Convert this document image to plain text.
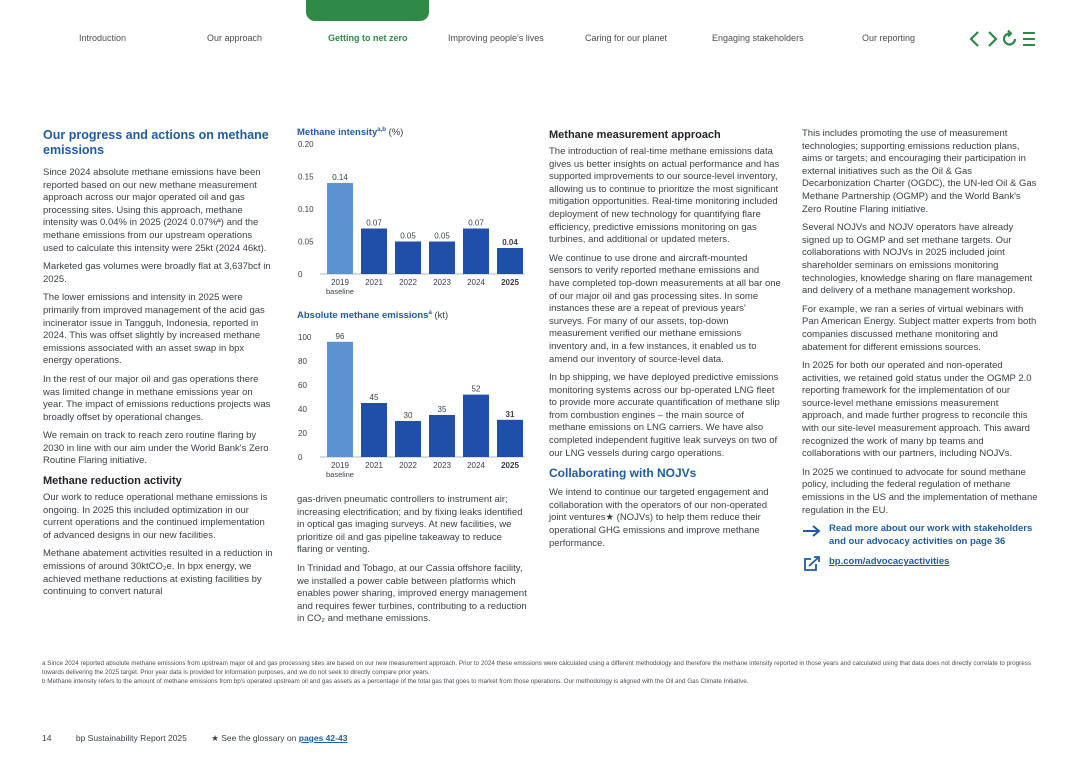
Introduction	Our approach	Getting to net zero	Improving people's lives	Caring for our planet	Engaging stakeholders	Our reporting
Our progress and actions on methane emissions

Since 2024 absolute methane emissions have been reported based on our new methane measurement approach across our major operated oil and gas processing sites. Using this approach, methane intensity was 0.04% in 2025 (2024 0.07%ª) and the methane emissions from our upstream operations used to calculate this intensity were 25kt (2024 46kt).

Marketed gas volumes were broadly flat at 3,637bcf in 2025.

The lower emissions and intensity in 2025 were primarily from improved management of the acid gas incinerator issue in Tangguh, Indonesia, reported in 2024. This was offset slightly by increased methane emissions associated with an asset swap in bpx energy operations.

In the rest of our major oil and gas operations there was limited change in methane emissions year on year. The impact of emissions reductions projects was broadly offset by operational changes.

We remain on track to reach zero routine flaring by 2030 in line with our aim under the World Bank's Zero Routine Flaring initiative.

Methane reduction activity

Our work to reduce operational methane emissions is ongoing. In 2025 this included optimization in our current operations and the continued implementation of advanced designs in our new facilities.

Methane abatement activities resulted in a reduction in emissions of around 30ktCO₂e. In bpx energy, we achieved methane reductions at existing facilities by continuing to convert natural

Methane intensity$^{a,b}$ (%)
0
0.05
0.10
0.15
0.20
0.14
2019
0.07
2021
0.05
2022
0.05
2023
0.07
2024
0.04
2025
baseline
Absolute methane emissions$^a$ (kt)
0
20
40
60
80
100	96
2019
45
2021
30
2022
35
2023
52
2024
31
2025
baseline

gas-driven pneumatic controllers to instrument air; increasing electrification; and by fixing leaks identified in optical gas imaging surveys. At new facilities, we prioritize oil and gas pipeline takeaway to reduce flaring or venting.

In Trinidad and Tobago, at our Cassia offshore facility, we installed a power cable between platforms which enables power sharing, improved energy management and requires fewer turbines, contributing to a reduction in CO₂ and methane emissions.

Methane measurement approach

The introduction of real-time methane emissions data gives us better insights on actual performance and has supported improvements to our source-level inventory, allowing us to continue to prioritize the most significant mitigation opportunities. Real-time monitoring included deployment of new technology for quantifying flare efficiency, predictive emissions monitoring on gas turbines, and additional or updated meters.

We continue to use drone and aircraft-mounted sensors to verify reported methane emissions and have completed top-down measurements at all bar one of our major oil and gas processing sites. In some instances these are a repeat of previous years' surveys. For many of our assets, top-down measurement verified our methane emissions inventory and, in a few instances, it enabled us to amend our inventory of source-level data.

In bp shipping, we have deployed predictive emissions monitoring systems across our bp-operated LNG fleet to provide more accurate quantification of methane slip from combustion engines – the main source of methane emissions on LNG carriers. We have also completed independent fugitive leak surveys on two of our LNG vessels during cargo operations.

Collaborating with NOJVs

We intend to continue our targeted engagement and collaboration with the operators of our non-operated joint ventures★ (NOJVs) to help them reduce their operational GHG emissions and improve methane performance.

This includes promoting the use of measurement technologies; supporting emissions reduction plans, aims or targets; and encouraging their participation in external initiatives such as the Oil & Gas Decarbonization Charter (OGDC), the UN-led Oil & Gas Methane Partnership (OGMP) and the World Bank's Zero Routine Flaring initiative.

Several NOJVs and NOJV operators have already signed up to OGMP and set methane targets. Our collaborations with NOJVs in 2025 included joint shareholder seminars on emissions monitoring technologies, knowledge sharing on flare management and delivery of a methane management workshop.

For example, we ran a series of virtual webinars with Pan American Energy. Subject matter experts from both companies discussed methane monitoring and abatement for different emissions sources.

In 2025 for both our operated and non-operated activities, we retained gold status under the OGMP 2.0 reporting framework for the implementation of our source-level methane emissions measurement approach, and made further progress to reconcile this with our site-level measurement approach. This award recognized the work of many bp teams and collaborations with our partners, including NOJVs.

In 2025 we continued to advocate for sound methane policy, including the federal regulation of methane emissions in the US and the implementation of methane regulation in the EU.

Read more about our work with stakeholders and our advocacy activities on page 36
bp.com/advocacyactivities

a Since 2024 reported absolute methane emissions from upstream major oil and gas processing sites are based on our new measurement approach. Prior to 2024 these emissions were calculated using a different methodology and therefore the methane intensity reported in those years and calculated using that data does not directly correlate to progress towards delivering the 2025 target. Prior year data is provided for information purposes, and we do not seek to directly compare prior years.

b Methane intensity refers to the amount of methane emissions from bp's operated upstream oil and gas assets as a percentage of the total gas that goes to market from those operations. Our methodology is aligned with the Oil and Gas Climate Initiative.

14	bp Sustainability Report 2025	★ See the glossary on pages 42-43
